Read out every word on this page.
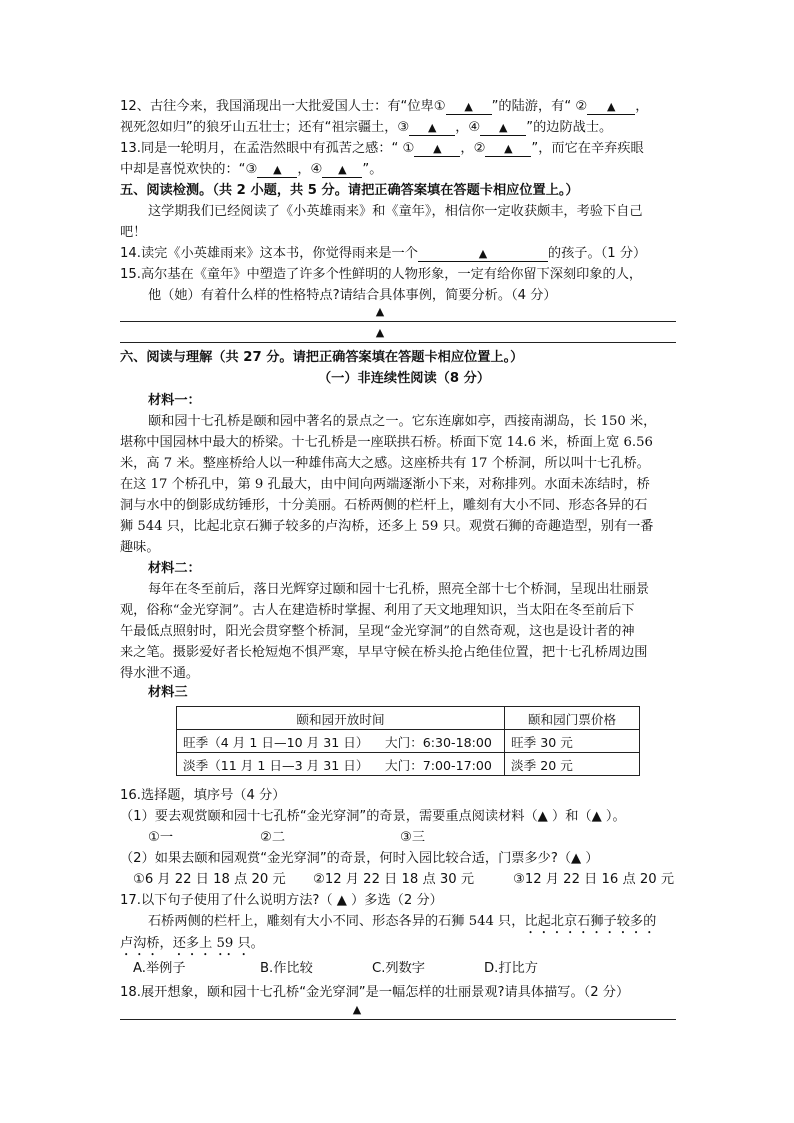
12、古往今来，我国涌现出一大批爱国人士：有“位卑① ▲ ”的陆游，有“ ② ▲ ，
视死忽如归”的狼牙山五壮士；还有“祖宗疆土，③ ▲ ，④ ▲ ”的边防战士。
13.同是一轮明月，在孟浩然眼中有孤苦之感：“ ① ▲ ，② ▲ ”，而它在辛弃疾眼
中却是喜悦欢快的：“③ ▲ ，④ ▲ ”。
五、阅读检测。（共 2 小题，共 5 分。请把正确答案填在答题卡相应位置上。）
这学期我们已经阅读了《小英雄雨来》和《童年》，相信你一定收获颇丰，考验下自己
吧！
14.读完《小英雄雨来》这本书，你觉得雨来是一个	▲	的孩子。（1 分）
15.高尔基在《童年》中塑造了许多个性鲜明的人物形象，一定有给你留下深刻印象的人，
他（她）有着什么样的性格特点?请结合具体事例，简要分析。（4 分）
▲
▲
六、阅读与理解（共 27 分。请把正确答案填在答题卡相应位置上。）
（一）非连续性阅读（8 分）
材料一：
颐和园十七孔桥是颐和园中著名的景点之一。它东连廓如亭，西接南湖岛，长 150 米，
堪称中国园林中最大的桥梁。十七孔桥是一座联拱石桥。桥面下宽 14.6 米，桥面上宽 6.56
米，高 7 米。整座桥给人以一种雄伟高大之感。这座桥共有 17 个桥洞，所以叫十七孔桥。
在这 17 个桥孔中，第 9 孔最大，由中间向两端逐渐小下来，对称排列。水面未冻结时，桥
洞与水中的倒影成纺锤形，十分美丽。石桥两侧的栏杆上，雕刻有大小不同、形态各异的石
狮 544 只，比起北京石狮子较多的卢沟桥，还多上 59 只。观赏石狮的奇趣造型，别有一番
趣味。
材料二：
每年在冬至前后，落日光辉穿过颐和园十七孔桥，照亮全部十七个桥洞，呈现出壮丽景
观，俗称“金光穿洞”。古人在建造桥时掌握、利用了天文地理知识，当太阳在冬至前后下
午最低点照射时，阳光会贯穿整个桥洞，呈现“金光穿洞”的自然奇观，这也是设计者的神
来之笔。摄影爱好者长枪短炮不惧严寒，早早守候在桥头抢占绝佳位置，把十七孔桥周边围
得水泄不通。
材料三
颐和园开放时间		颐和园门票价格
旺季（4 月 1 日—10 月 31 日）	大门：6:30-18:00	旺季 30 元
淡季（11 月 1 日—3 月 31 日）	大门：7:00-17:00	淡季 20 元
16.选择题，填序号（4 分）
（1）要去观赏颐和园十七孔桥“金光穿洞”的奇景，需要重点阅读材料（▲ ）和（▲ ）。
①一	②二	③三
（2）如果去颐和园观赏“金光穿洞”的奇景，何时入园比较合适，门票多少?（▲ ）
①6 月 22 日 18 点 20 元 ②12 月 22 日 18 点 30 元	③12 月 22 日 16 点 20 元
17.以下句子使用了什么说明方法?（ ▲ ）多选（2 分）
石桥两侧的栏杆上，雕刻有大小不同、形态各异的石狮 544 只，比起北京石狮子较多的
卢沟桥，还多上 59 只。
A.举例子	B.作比较	C.列数字	D.打比方
18.展开想象，颐和园十七孔桥“金光穿洞”是一幅怎样的壮丽景观?请具体描写。（2 分）
▲
